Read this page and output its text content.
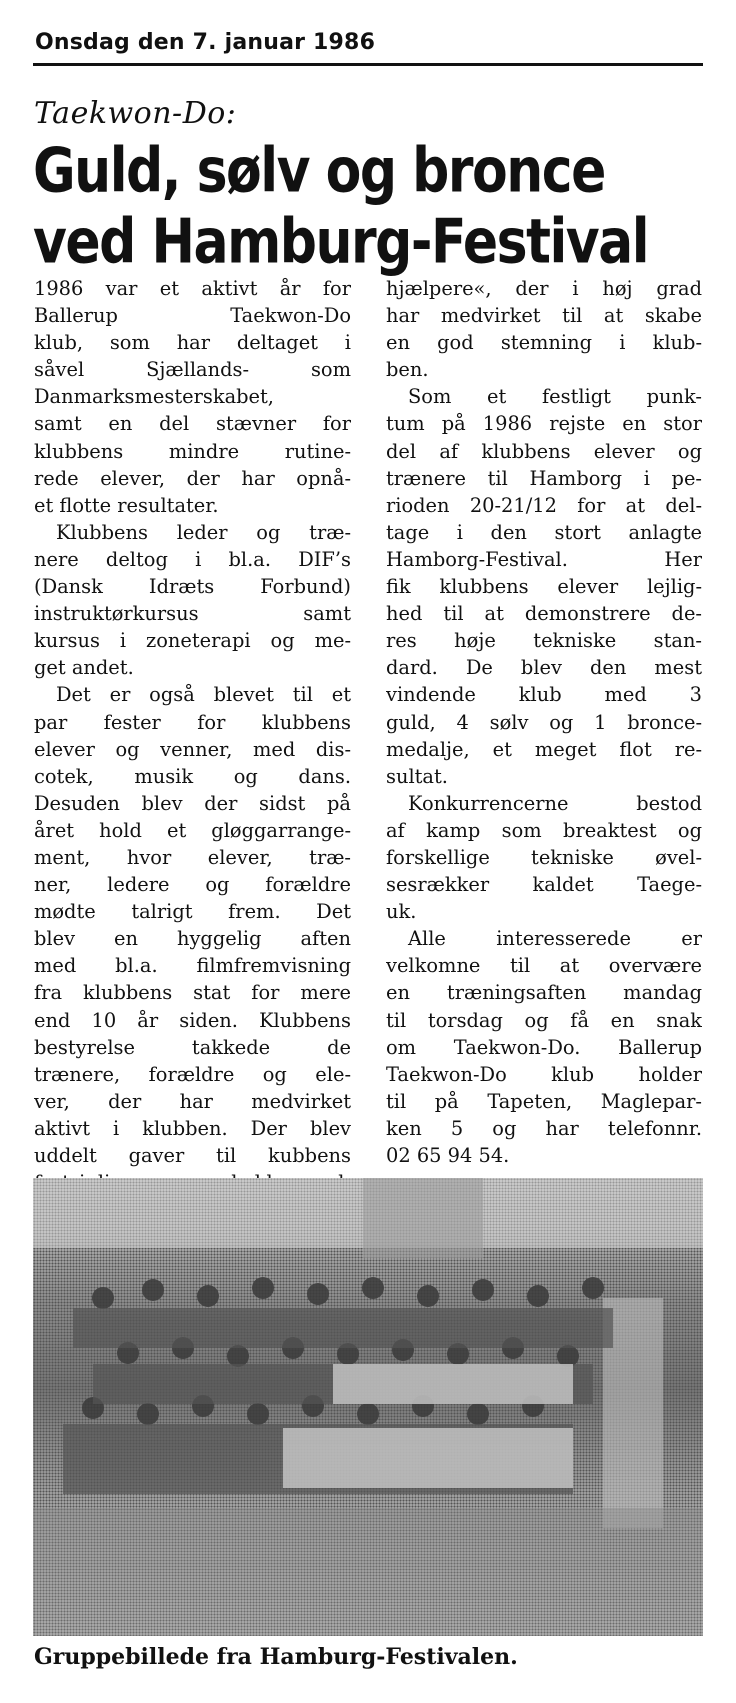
Onsdag den 7. januar 1986
Taekwon-Do:
Guld, sølv og bronce
ved Hamburg-Festival
1986 var et aktivt år for
Ballerup Taekwon-Do
klub, som har deltaget i
såvel Sjællands- som
Danmarksmesterskabet,
samt en del stævner for
klubbens mindre rutine-
rede elever, der har opnå-
et flotte resultater.
Klubbens leder og træ-
nere deltog i bl.a. DIF’s
(Dansk Idræts Forbund)
instruktørkursus samt
kursus i zoneterapi og me-
get andet.
Det er også blevet til et
par fester for klubbens
elever og venner, med dis-
cotek, musik og dans.
Desuden blev der sidst på
året hold et gløggarrange-
ment, hvor elever, træ-
ner, ledere og forældre
mødte talrigt frem. Det
blev en hyggelig aften
med bl.a. filmfremvisning
fra klubbens stat for mere
end 10 år siden. Klubbens
bestyrelse takkede de
trænere, forældre og ele-
ver, der har medvirket
aktivt i klubben. Der blev
uddelt gaver til kubbens
hjælpere«, der i høj grad
har medvirket til at skabe
en god stemning i klub-
ben.
Som et festligt punk-
tum på 1986 rejste en stor
del af klubbens elever og
trænere til Hamborg i pe-
rioden 20-21/12 for at del-
tage i den stort anlagte
Hamborg-Festival. Her
fik klubbens elever lejlig-
hed til at demonstrere de-
res høje tekniske stan-
dard. De blev den mest
vindende klub med 3
guld, 4 sølv og 1 bronce-
medalje, et meget flot re-
sultat.
Konkurrencerne bestod
af kamp som breaktest og
forskellige tekniske øvel-
sesrækker kaldet Taege-
uk.
Alle interesserede er
velkomne til at overvære
en træningsaften mandag
til torsdag og få en snak
om Taekwon-Do. Ballerup
Taekwon-Do klub holder
til på Tapeten, Maglepar-
ken 5 og har telefonnr.
02 65 94 54.
Gruppebillede fra Hamburg-Festivalen.
